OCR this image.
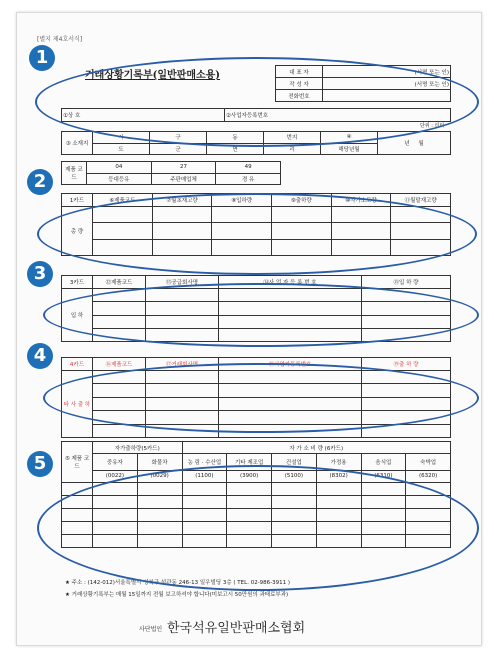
[별지 제4호서식]
거래상황기록부(일반판매소용)	대 표 자	(서명 또는 인)
작 성 자	(서명 또는 인)
전화번호	
①상 호	②사업자등록번호
단위 : 리터
③ 소재지	시	구	동	번지	④	년 월
	도	군	면	리	해당년월	
제품 코드	04	27	49
	등대등유	주판매업체	경 유
1카드	⑥제품코드	⑦월초재고량	⑧입하량	⑨출하량	⑩자가소모량	⑪월말재고량
총 량						

3카드	⑫제품코드	⑬공급회사명	⑭사 업 자 등 록 번 호	⑮입 하 량
입 하				

4카드	⑯제품코드	⑰거래회사명	⑱사업자등록번호	⑲출 하 량
타 사 출 하				

⑤ 제품 코드	자가출하량(5카드)		자 가 소 비 량 (6카드)					
	중유자	화물차	농 림 · 수산업	기타 제조업	건설업	가정용	음식업	숙박업
	(0022)	(0029)	(1100)	(3900)	(5100)	(8302)	(6310)	(6320)

★ 주소 : (142-012)서울특별시 성북구 석관동 246-13 일우빌딩 3층 ( TEL. 02-986-3911 )
★ 거래상황기록부는 매월 15일까지 전월 보고하셔야 합니다(미보고시 50만원의 과태료부과)
사단법인 한국석유일반판매소협회
1
2
3
4
5
